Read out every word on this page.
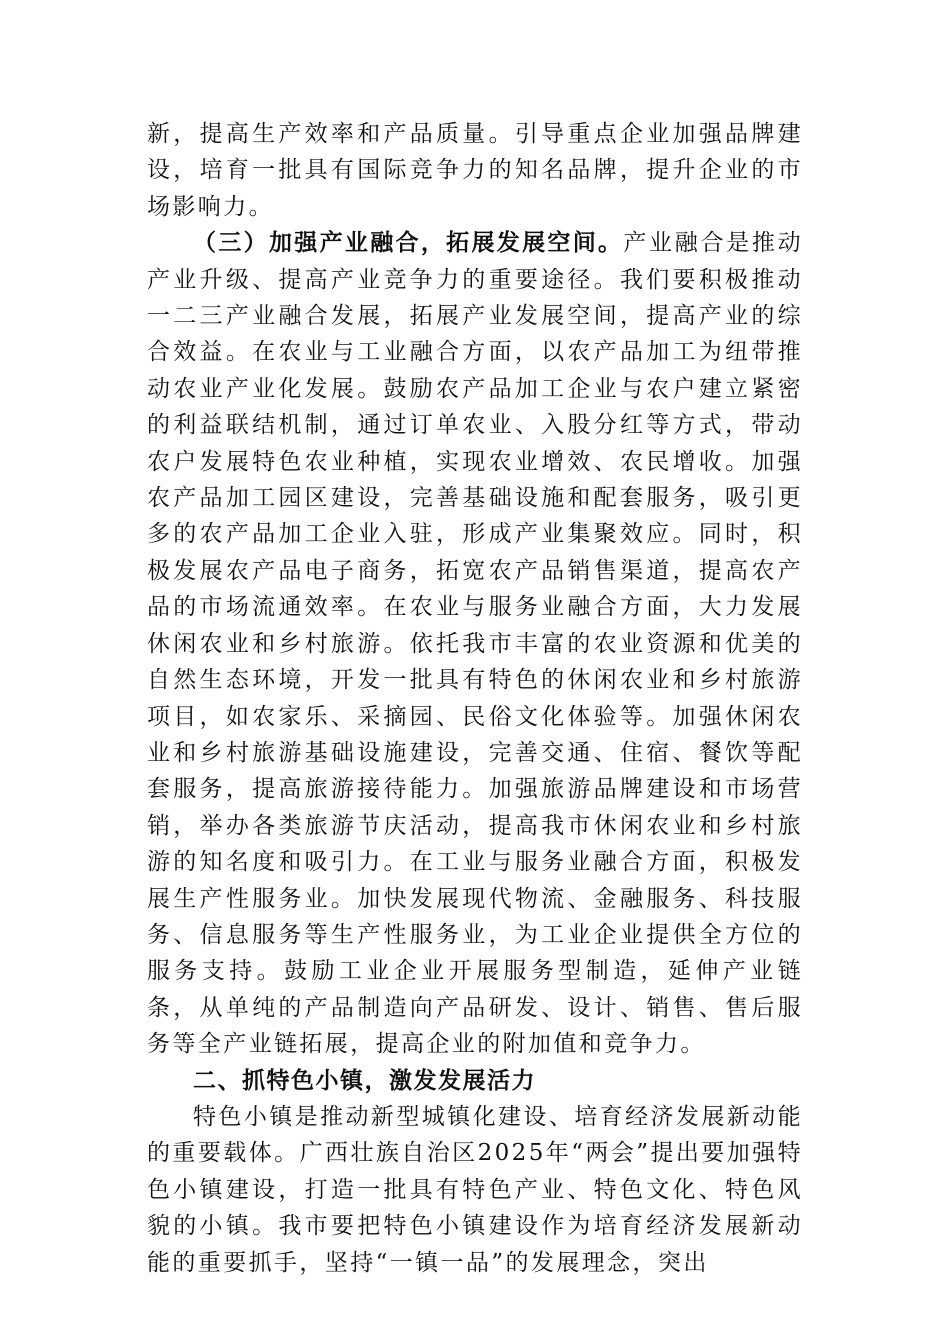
新，提高生产效率和产品质量。引导重点企业加强品牌建设，培育一批具有国际竞争力的知名品牌，提升企业的市场影响力。

（三）加强产业融合，拓展发展空间。产业融合是推动产业升级、提高产业竞争力的重要途径。我们要积极推动一二三产业融合发展，拓展产业发展空间，提高产业的综合效益。在农业与工业融合方面，以农产品加工为纽带推动农业产业化发展。鼓励农产品加工企业与农户建立紧密的利益联结机制，通过订单农业、入股分红等方式，带动农户发展特色农业种植，实现农业增效、农民增收。加强农产品加工园区建设，完善基础设施和配套服务，吸引更多的农产品加工企业入驻，形成产业集聚效应。同时，积极发展农产品电子商务，拓宽农产品销售渠道，提高农产品的市场流通效率。在农业与服务业融合方面，大力发展休闲农业和乡村旅游。依托我市丰富的农业资源和优美的自然生态环境，开发一批具有特色的休闲农业和乡村旅游项目，如农家乐、采摘园、民俗文化体验等。加强休闲农业和乡村旅游基础设施建设，完善交通、住宿、餐饮等配套服务，提高旅游接待能力。加强旅游品牌建设和市场营销，举办各类旅游节庆活动，提高我市休闲农业和乡村旅游的知名度和吸引力。在工业与服务业融合方面，积极发展生产性服务业。加快发展现代物流、金融服务、科技服务、信息服务等生产性服务业，为工业企业提供全方位的服务支持。鼓励工业企业开展服务型制造，延伸产业链条，从单纯的产品制造向产品研发、设计、销售、售后服务等全产业链拓展，提高企业的附加值和竞争力。

二、抓特色小镇，激发发展活力

特色小镇是推动新型城镇化建设、培育经济发展新动能的重要载体。广西壮族自治区2025年“两会”提出要加强特色小镇建设，打造一批具有特色产业、特色文化、特色风貌的小镇。我市要把特色小镇建设作为培育经济发展新动能的重要抓手，坚持“一镇一品”的发展理念，突出
